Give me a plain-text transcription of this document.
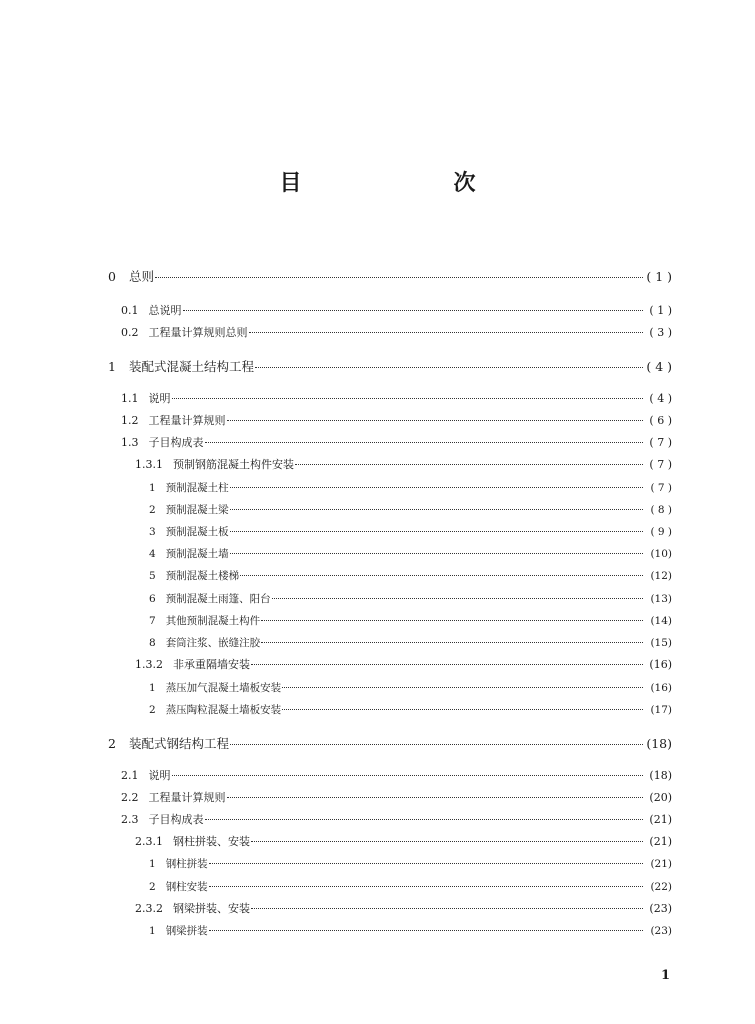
目　　次
0 总则	( 1 )
0.1 总说明	( 1 )
0.2 工程量计算规则总则	( 3 )
1 装配式混凝土结构工程	( 4 )
1.1 说明	( 4 )
1.2 工程量计算规则	( 6 )
1.3 子目构成表	( 7 )
1.3.1 预制钢筋混凝土构件安装	( 7 )
1 预制混凝土柱	( 7 )
2 预制混凝土梁	( 8 )
3 预制混凝土板	( 9 )
4 预制混凝土墙	(10)
5 预制混凝土楼梯	(12)
6 预制混凝土雨篷、阳台	(13)
7 其他预制混凝土构件	(14)
8 套筒注浆、嵌缝注胶	(15)
1.3.2 非承重隔墙安装	(16)
1 蒸压加气混凝土墙板安装	(16)
2 蒸压陶粒混凝土墙板安装	(17)
2 装配式钢结构工程	(18)
2.1 说明	(18)
2.2 工程量计算规则	(20)
2.3 子目构成表	(21)
2.3.1 钢柱拼装、安装	(21)
1 钢柱拼装	(21)
2 钢柱安装	(22)
2.3.2 钢梁拼装、安装	(23)
1 钢梁拼装	(23)
1
